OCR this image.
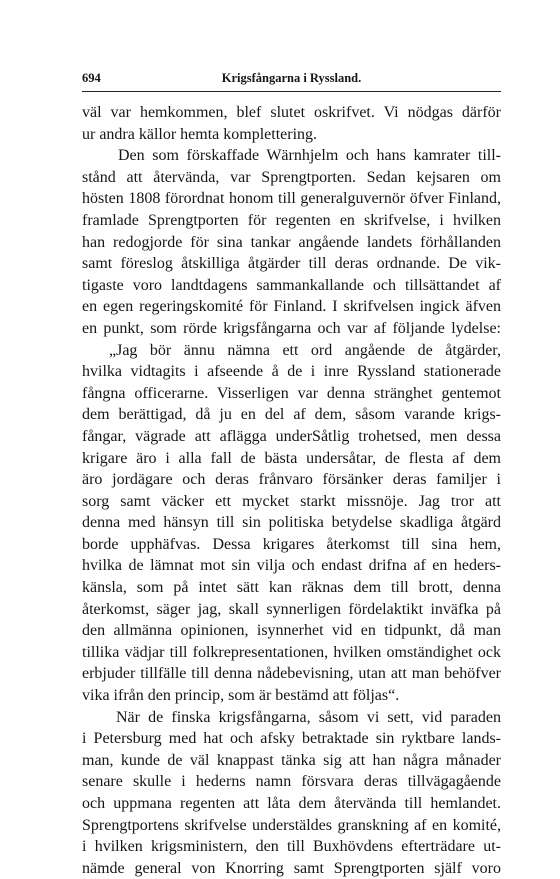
694	Krigsfångarna i Ryssland.
väl var hemkommen, blef slutet oskrifvet. Vi nödgas därför
ur andra källor hemta komplettering.
Den som förskaffade Wärnhjelm och hans kamrater till-
stånd att återvända, var Sprengtporten. Sedan kejsaren om
hösten 1808 förordnat honom till generalguvernör öfver Finland,
framlade Sprengtporten för regenten en skrifvelse, i hvilken
han redogjorde för sina tankar angående landets förhållanden
samt föreslog åtskilliga åtgärder till deras ordnande. De vik-
tigaste voro landtdagens sammankallande och tillsättandet af
en egen regeringskomité för Finland. I skrifvelsen ingick äfven
en punkt, som rörde krigsfångarna och var af följande lydelse:
„Jag bör ännu nämna ett ord angående de åtgärder,
hvilka vidtagits i afseende å de i inre Ryssland stationerade
fångna officerarne. Visserligen var denna stränghet gentemot
dem berättigad, då ju en del af dem, såsom varande krigs-
fångar, vägrade att aflägga underSåtlig trohetsed, men dessa
krigare äro i alla fall de bästa undersåtar, de flesta af dem
äro jordägare och deras frånvaro försänker deras familjer i
sorg samt väcker ett mycket starkt missnöje. Jag tror att
denna med hänsyn till sin politiska betydelse skadliga åtgärd
borde upphäfvas. Dessa krigares återkomst till sina hem,
hvilka de lämnat mot sin vilja och endast drifna af en heders-
känsla, som på intet sätt kan räknas dem till brott, denna
återkomst, säger jag, skall synnerligen fördelaktikt inväfka på
den allmänna opinionen, isynnerhet vid en tidpunkt, då man
tillika vädjar till folkrepresentationen, hvilken omständighet ock
erbjuder tillfälle till denna nådebevisning, utan att man behöfver
vika ifrån den princip, som är bestämd att följas“.
När de finska krigsfångarna, såsom vi sett, vid paraden
i Petersburg med hat och afsky betraktade sin ryktbare lands-
man, kunde de väl knappast tänka sig att han några månader
senare skulle i hederns namn försvara deras tillvägagående
och uppmana regenten att låta dem återvända till hemlandet.
Sprengtportens skrifvelse understäldes granskning af en komité,
i hvilken krigsministern, den till Buxhövdens efterträdare ut-
nämde general von Knorring samt Sprengtporten själf voro
